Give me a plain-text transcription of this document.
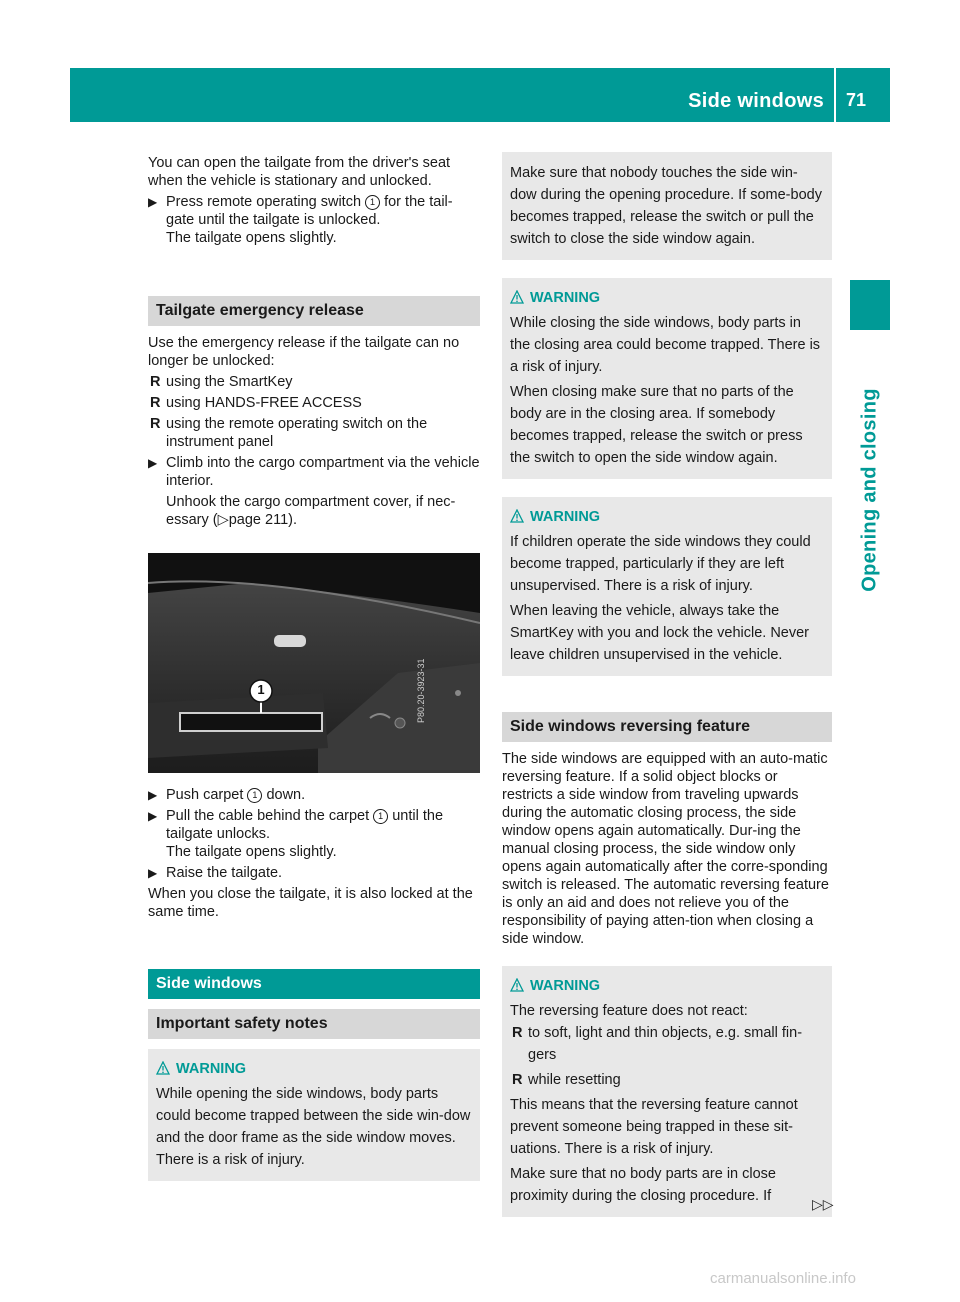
Side windows 71
Opening and closing

You can open the tailgate from the driver's seat when the vehicle is stationary and unlocked.

▶ Press remote operating switch 1 for the tail-gate until the tailgate is unlocked.
The tailgate opens slightly.
Tailgate emergency release

Use the emergency release if the tailgate can no longer be unlocked:

R using the SmartKey
R using HANDS-FREE ACCESS
R using the remote operating switch on the instrument panel
▶ Climb into the cargo compartment via the vehicle interior.

Unhook the cargo compartment cover, if nec-essary (▷page 211).

1	P80.20-3923-31
▶ Push carpet 1 down.
▶ Pull the cable behind the carpet 1 until the tailgate unlocks.
The tailgate opens slightly.
▶ Raise the tailgate.

When you close the tailgate, it is also locked at the same time.

Side windows
Important safety notes
WARNING

While opening the side windows, body parts could become trapped between the side win-dow and the door frame as the side window moves. There is a risk of injury.

Make sure that nobody touches the side win-dow during the opening procedure. If some-body becomes trapped, release the switch or pull the switch to close the side window again.

WARNING

While closing the side windows, body parts in the closing area could become trapped. There is a risk of injury.

When closing make sure that no parts of the body are in the closing area. If somebody becomes trapped, release the switch or press the switch to open the side window again.

WARNING

If children operate the side windows they could become trapped, particularly if they are left unsupervised. There is a risk of injury.

When leaving the vehicle, always take the SmartKey with you and lock the vehicle. Never leave children unsupervised in the vehicle.

Side windows reversing feature

The side windows are equipped with an auto-matic reversing feature. If a solid object blocks or restricts a side window from traveling upwards during the automatic closing process, the side window opens again automatically. Dur-ing the manual closing process, the side window only opens again automatically after the corre-sponding switch is released. The automatic reversing feature is only an aid and does not relieve you of the responsibility of paying atten-tion when closing a side window.

WARNING

The reversing feature does not react:

R to soft, light and thin objects, e.g. small fin-gers
R while resetting

This means that the reversing feature cannot prevent someone being trapped in these sit-uations. There is a risk of injury.

Make sure that no body parts are in close proximity during the closing procedure. If	▷▷
carmanualsonline.info
